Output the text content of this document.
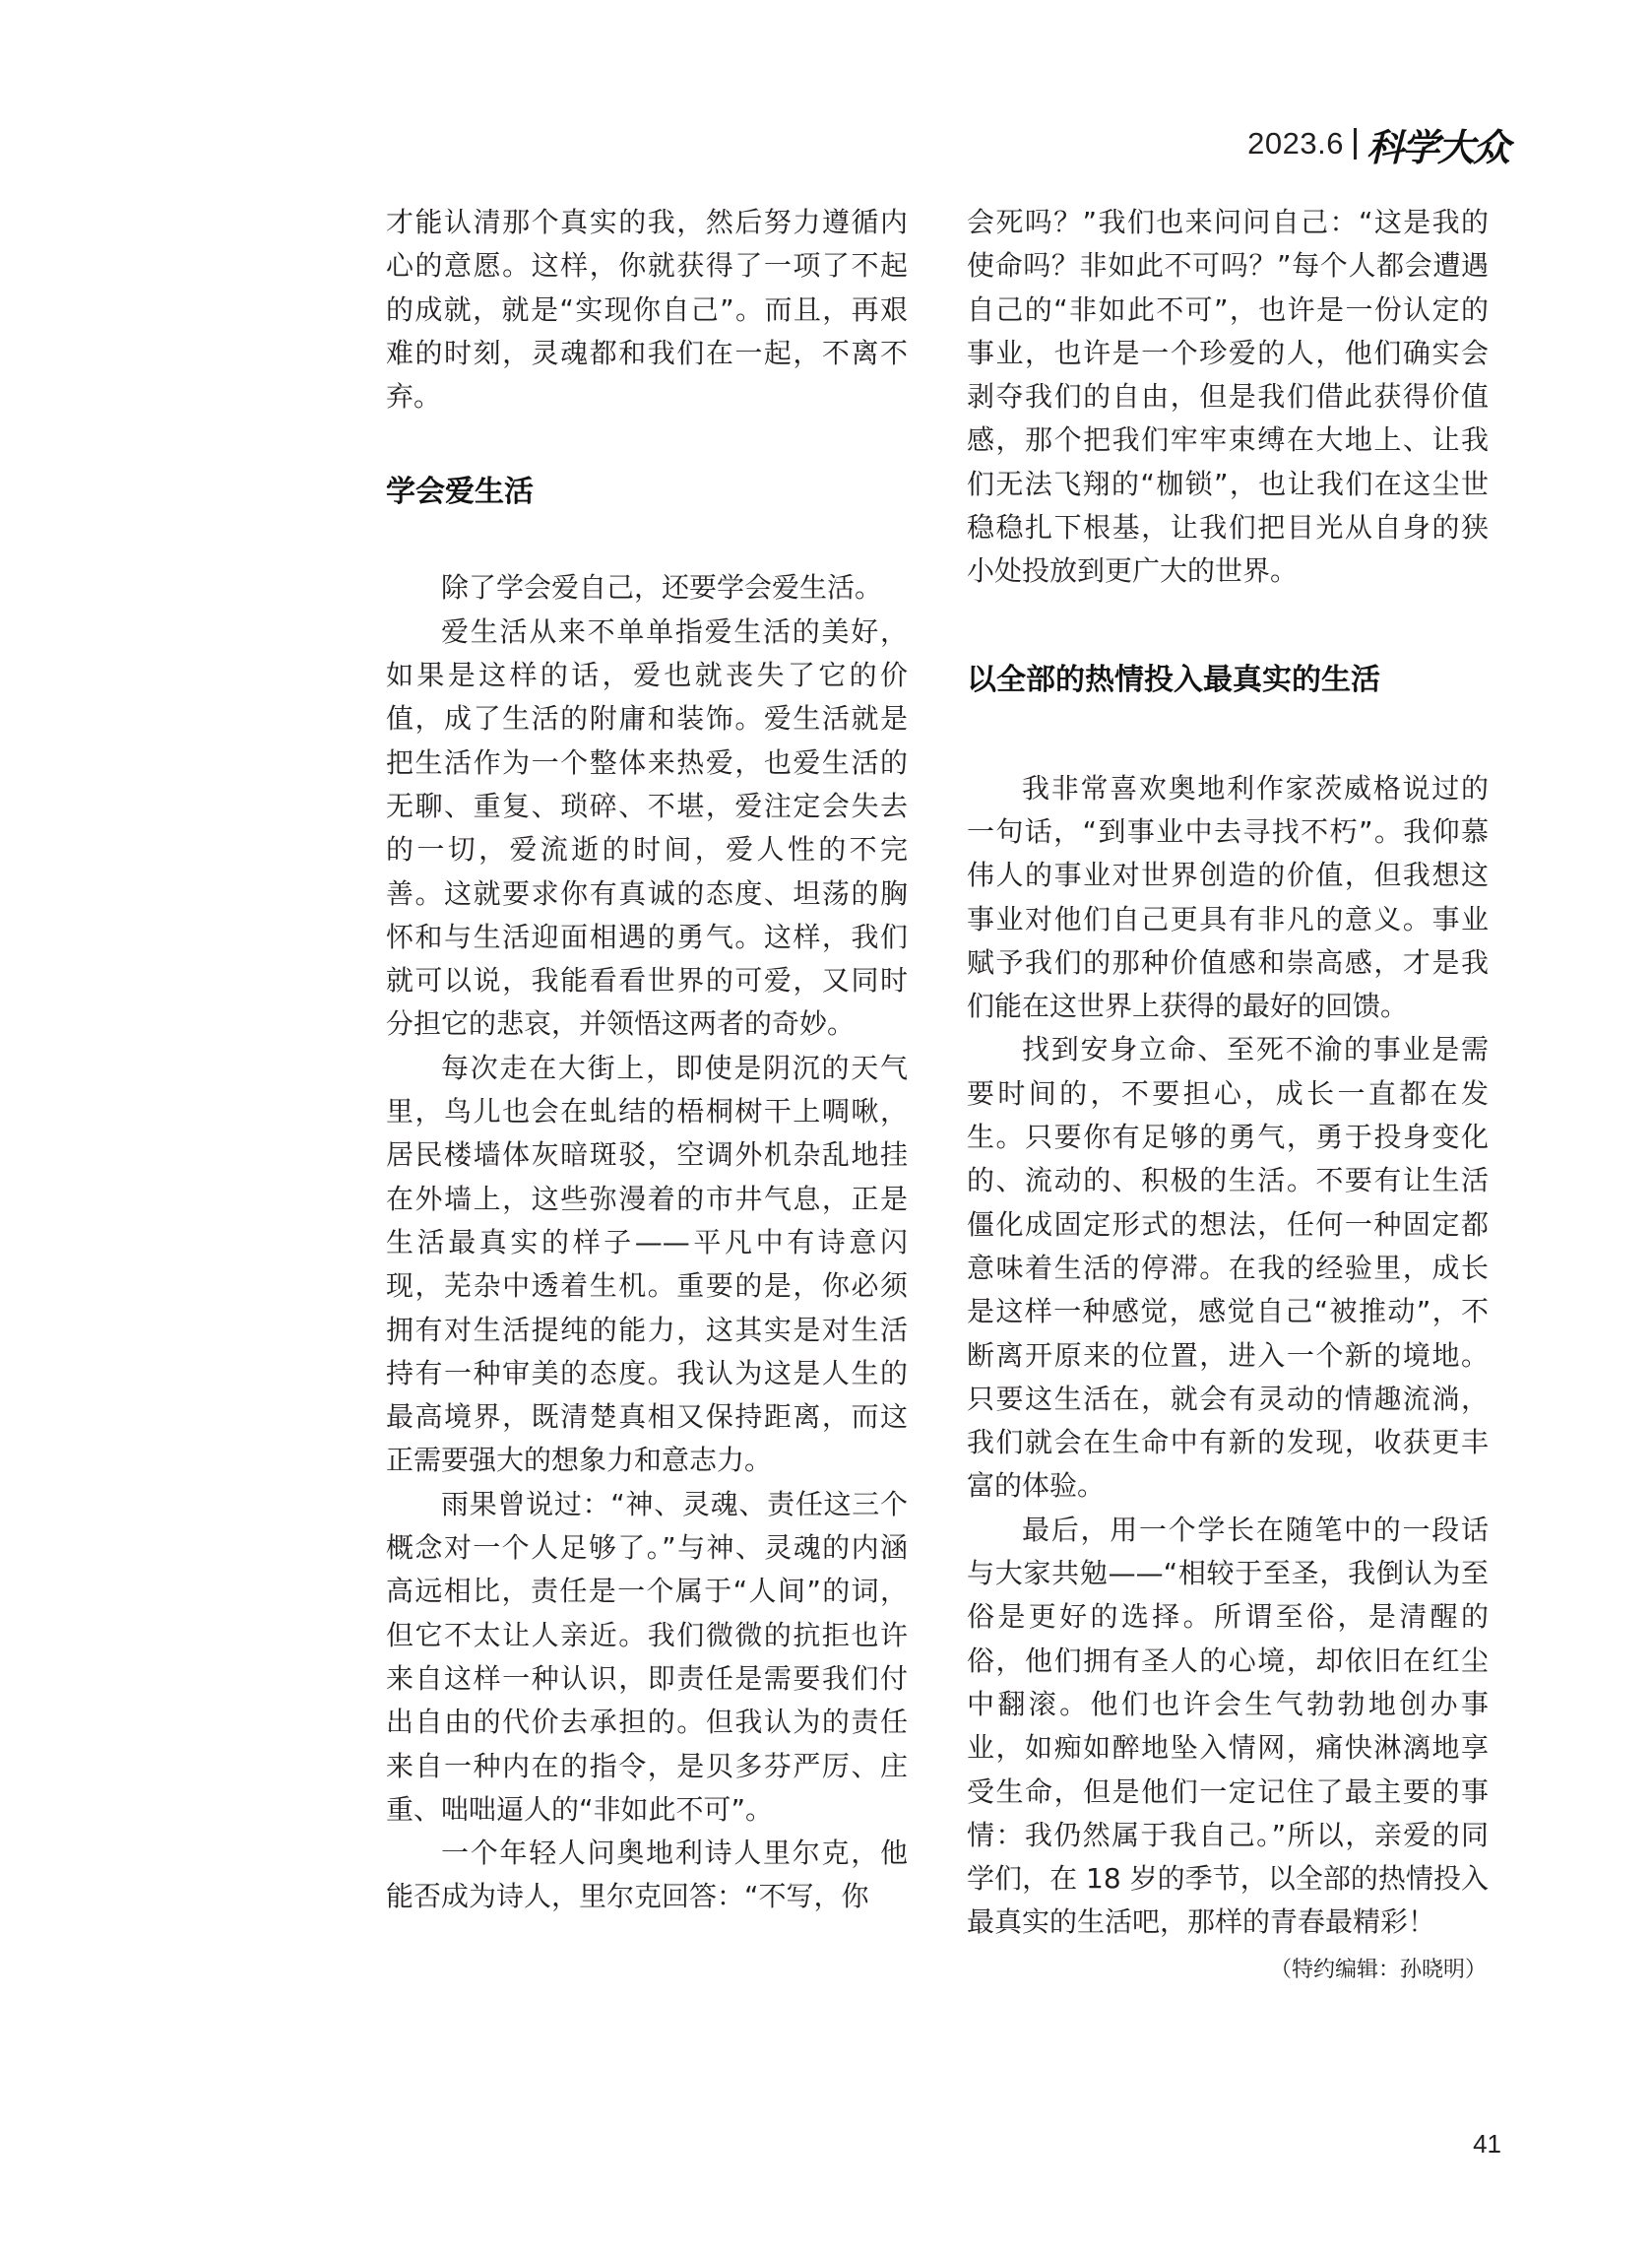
2023.6 科学大众

才能认清那个真实的我，然后努力遵循内心的意愿。这样，你就获得了一项了不起的成就，就是“实现你自己”。而且，再艰难的时刻，灵魂都和我们在一起，不离不弃。

学会爱生活

除了学会爱自己，还要学会爱生活。

爱生活从来不单单指爱生活的美好，如果是这样的话，爱也就丧失了它的价值，成了生活的附庸和装饰。爱生活就是把生活作为一个整体来热爱，也爱生活的无聊、重复、琐碎、不堪，爱注定会失去的一切，爱流逝的时间，爱人性的不完善。这就要求你有真诚的态度、坦荡的胸怀和与生活迎面相遇的勇气。这样，我们就可以说，我能看看世界的可爱，又同时分担它的悲哀，并领悟这两者的奇妙。

每次走在大街上，即使是阴沉的天气里，鸟儿也会在虬结的梧桐树干上啁啾，居民楼墙体灰暗斑驳，空调外机杂乱地挂在外墙上，这些弥漫着的市井气息，正是生活最真实的样子——平凡中有诗意闪现，芜杂中透着生机。重要的是，你必须拥有对生活提纯的能力，这其实是对生活持有一种审美的态度。我认为这是人生的最高境界，既清楚真相又保持距离，而这正需要强大的想象力和意志力。

雨果曾说过：“神、灵魂、责任这三个概念对一个人足够了。”与神、灵魂的内涵高远相比，责任是一个属于“人间”的词，但它不太让人亲近。我们微微的抗拒也许来自这样一种认识，即责任是需要我们付出自由的代价去承担的。但我认为的责任来自一种内在的指令，是贝多芬严厉、庄重、咄咄逼人的“非如此不可”。

一个年轻人问奥地利诗人里尔克，他能否成为诗人，里尔克回答：“不写，你

会死吗？”我们也来问问自己：“这是我的使命吗？非如此不可吗？”每个人都会遭遇自己的“非如此不可”，也许是一份认定的事业，也许是一个珍爱的人，他们确实会剥夺我们的自由，但是我们借此获得价值感，那个把我们牢牢束缚在大地上、让我们无法飞翔的“枷锁”，也让我们在这尘世稳稳扎下根基，让我们把目光从自身的狭小处投放到更广大的世界。

以全部的热情投入最真实的生活

我非常喜欢奥地利作家茨威格说过的一句话，“到事业中去寻找不朽”。我仰慕伟人的事业对世界创造的价值，但我想这事业对他们自己更具有非凡的意义。事业赋予我们的那种价值感和崇高感，才是我们能在这世界上获得的最好的回馈。

找到安身立命、至死不渝的事业是需要时间的，不要担心，成长一直都在发生。只要你有足够的勇气，勇于投身变化的、流动的、积极的生活。不要有让生活僵化成固定形式的想法，任何一种固定都意味着生活的停滞。在我的经验里，成长是这样一种感觉，感觉自己“被推动”，不断离开原来的位置，进入一个新的境地。只要这生活在，就会有灵动的情趣流淌，我们就会在生命中有新的发现，收获更丰富的体验。

最后，用一个学长在随笔中的一段话与大家共勉——“相较于至圣，我倒认为至俗是更好的选择。所谓至俗，是清醒的俗，他们拥有圣人的心境，却依旧在红尘中翻滚。他们也许会生气勃勃地创办事业，如痴如醉地坠入情网，痛快淋漓地享受生命，但是他们一定记住了最主要的事情：我仍然属于我自己。”所以，亲爱的同学们，在 18 岁的季节，以全部的热情投入最真实的生活吧，那样的青春最精彩！

（特约编辑：孙晓明）

41
